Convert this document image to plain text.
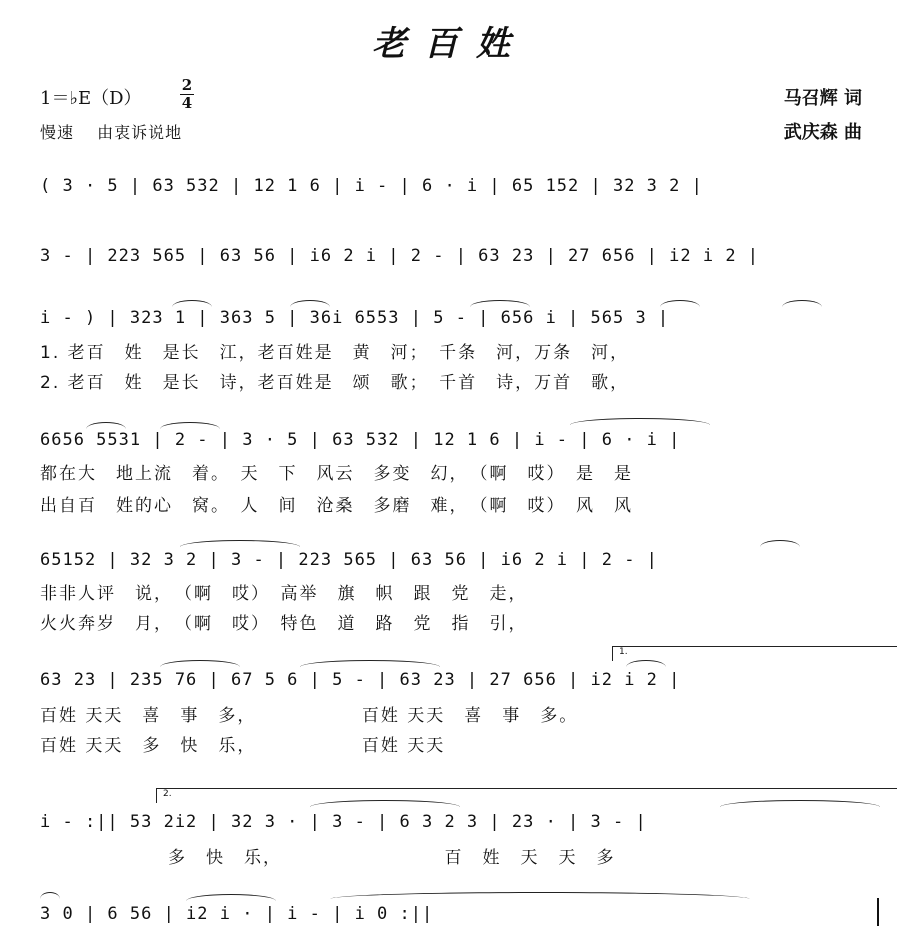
老百姓
1＝♭E（D）
2
4
慢速　 由衷诉说地
马召辉 词
武庆森 曲
( 3 · 5 | 63 532 | 12 1 6 | i - | 6 · i | 65 152 | 32 3 2 |
3 - | 223 565 | 63 56 | i6 2 i | 2 - | 63 23 | 27 656 | i2 i 2 |
i - ) | 323 1 | 363 5 | 36i 6553 | 5 - | 656 i | 565 3 |
1. 老百　姓　是长　江，老百姓是　黄　河；　千条　河，万条　河，
2. 老百　姓　是长　诗，老百姓是　颂　歌；　千首　诗，万首　歌，
6656 5531 | 2 - | 3 · 5 | 63 532 | 12 1 6 | i - | 6 · i |
都在大　地上流　着。　天　下　风云　多变　幻，　（啊　哎）　是　是
出自百　姓的心　窝。　人　间　沧桑　多磨　难，　（啊　哎）　风　风
65152 | 32 3 2 | 3 - | 223 565 | 63 56 | i6 2 i | 2 - |
非非人评　说，　（啊　哎）　高举　旗　帜　跟　党　走，
火火奔岁　月，　（啊　哎）　特色　道　路　党　指　引，
1.
63 23 | 235 76 | 67 5 6 | 5 - | 63 23 | 27 656 | i2 i 2 |
百姓 天天　喜　事　多，　　　　　　百姓 天天　喜　事　多。
百姓 天天　多　快　乐，　　　　　　百姓 天天
2.
i - :|| 53 2i2 | 32 3 · | 3 - | 6 3 2 3 | 23 · | 3 - |
多　快　乐，　　　　　　　　　百　姓　天　天　多
3 0 | 6 56 | i2 i · | i - | i 0 :||
